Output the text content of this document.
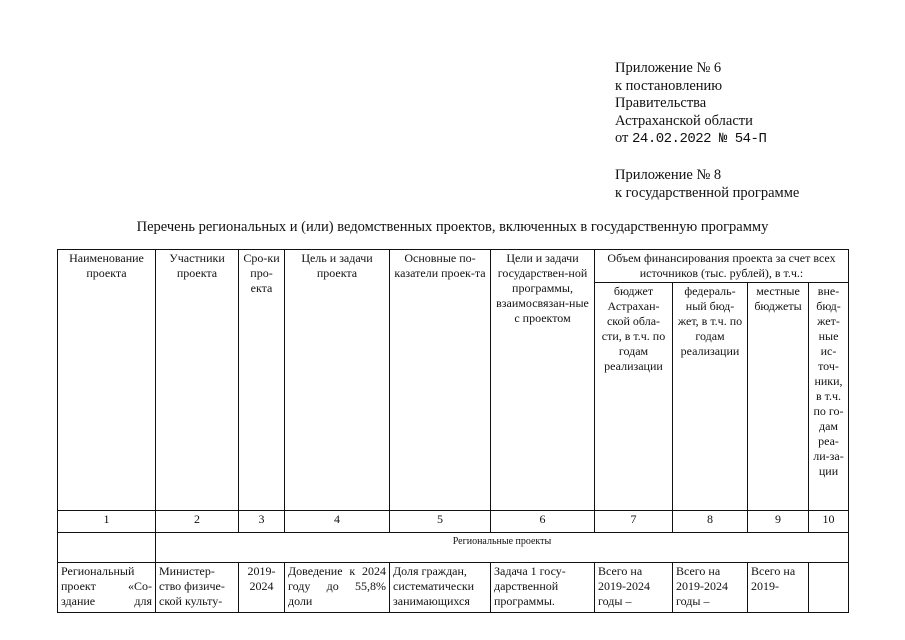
Приложение № 6
к постановлению
Правительства
Астраханской области
от 24.02.2022 № 54-П
Приложение № 8
к государственной программе
Перечень региональных и (или) ведомственных проектов, включенных в государственную программу
Наименование проекта	Участники проекта	Сро-ки про-екта	Цель и задачи проекта	Основные по-казатели проек-та	Цели и задачи государствен-ной программы, взаимосвязан-ные с проектом	Объем финансирования проекта за счет всех источников (тыс. рублей), в т.ч.:			
						бюджет Астрахан-ской обла-сти, в т.ч. по годам реализации	федераль-ный бюд-жет, в т.ч. по годам реализации	местные бюджеты	вне-бюд-жет-ные ис-точ-ники, в т.ч. по го-дам реа-ли-за-ции
1	2	3	4	5	6	7	8	9	10
	Региональные проекты								
Региональный проект «Со-здание для	Министер-ство физиче-ской культу-	2019-2024	Доведение к 2024 году до 55,8% доли	Доля граждан, систематически занимающихся	Задача 1 госу-дарственной программы.	Всего на 2019-2024 годы –	Всего на 2019-2024 годы –	Всего на 2019-	
